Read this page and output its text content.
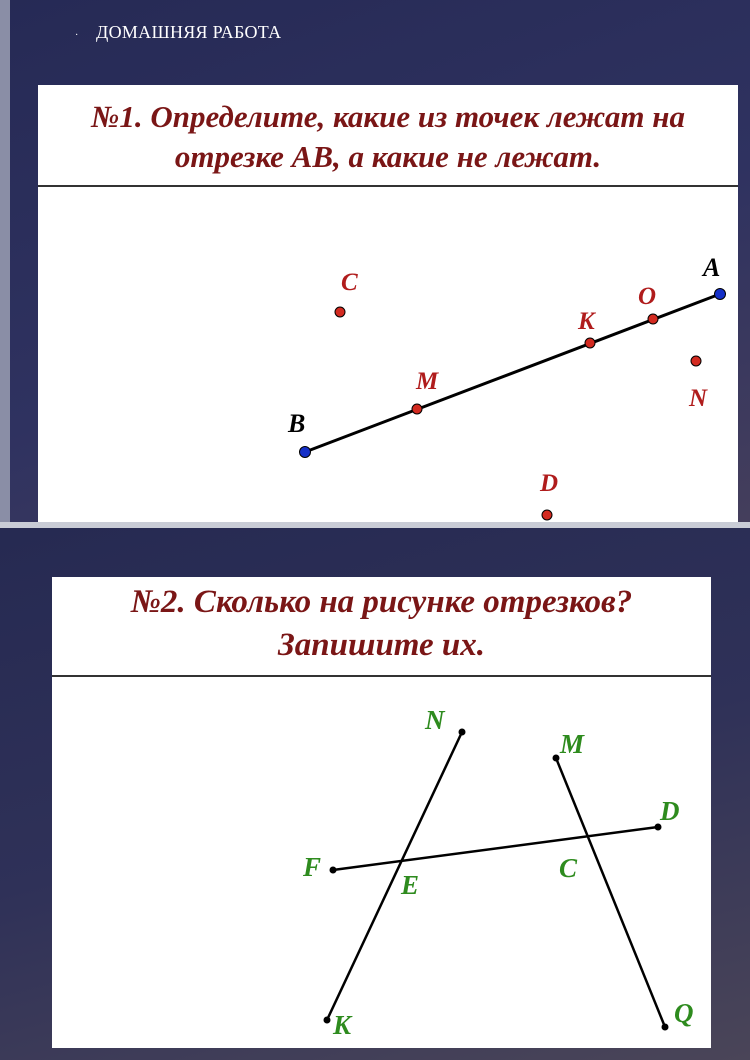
· ДОМАШНЯЯ РАБОТА

№1. Определите, какие из точек лежат на
отрезке АВ, а какие не лежат.

A
B
C
M
K
O
N
D

№2. Сколько на рисунке отрезков?
Запишите их.

N
M
D
F
E
C
K	Q
